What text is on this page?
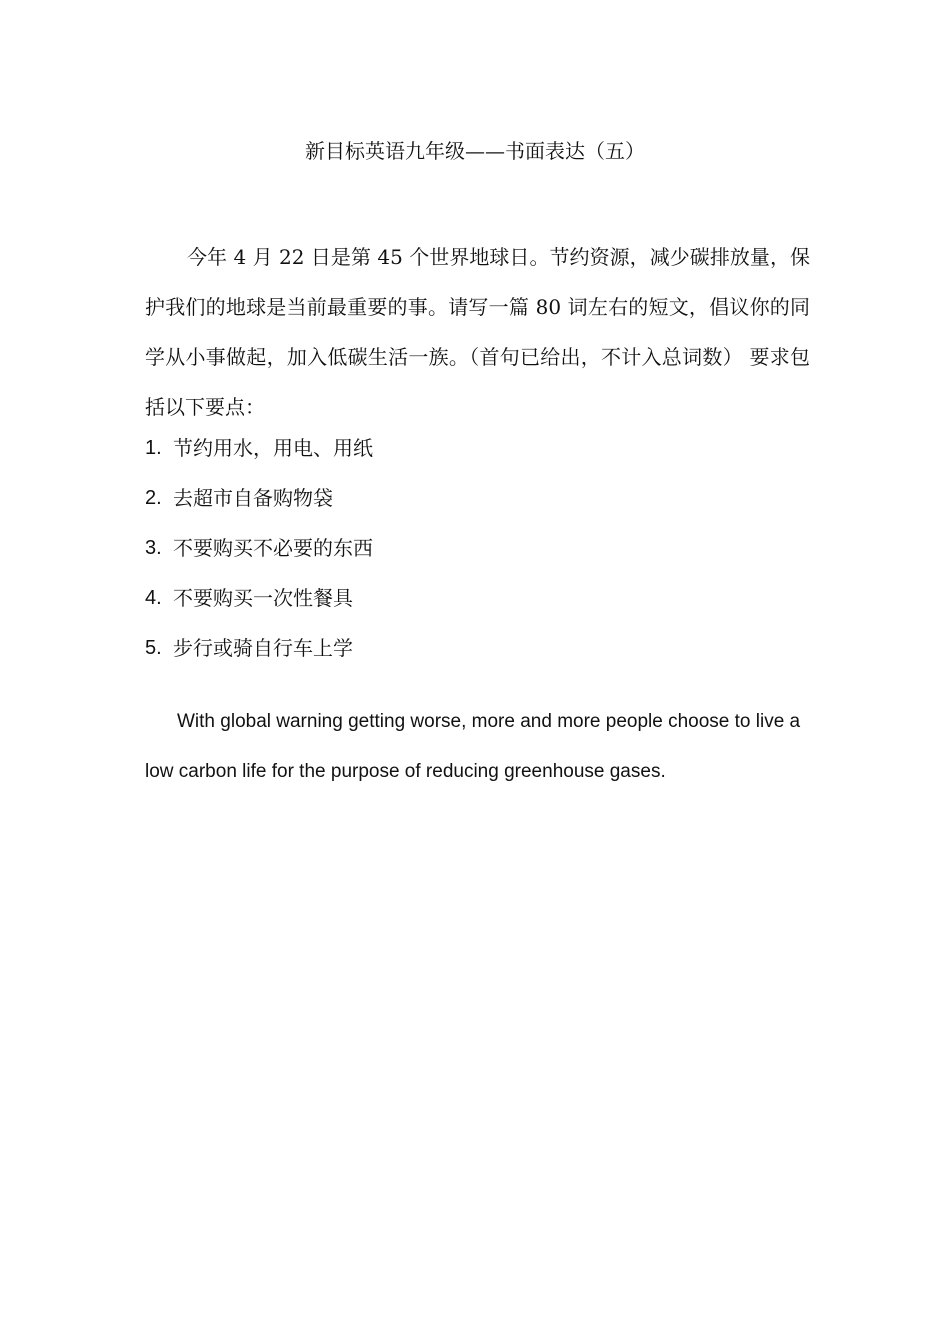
新目标英语九年级——书面表达（五）

今年 4 月 22 日是第 45 个世界地球日。节约资源，减少碳排放量，保护我们的地球是当前最重要的事。请写一篇 80 词左右的短文，倡议你的同学从小事做起，加入低碳生活一族。（首句已给出，不计入总词数） 要求包括以下要点：

1. 节约用水，用电、用纸
2. 去超市自备购物袋
3. 不要购买不必要的东西
4. 不要购买一次性餐具
5. 步行或骑自行车上学

With global warning getting worse, more and more people choose to live a low carbon life for the purpose of reducing greenhouse gases.
